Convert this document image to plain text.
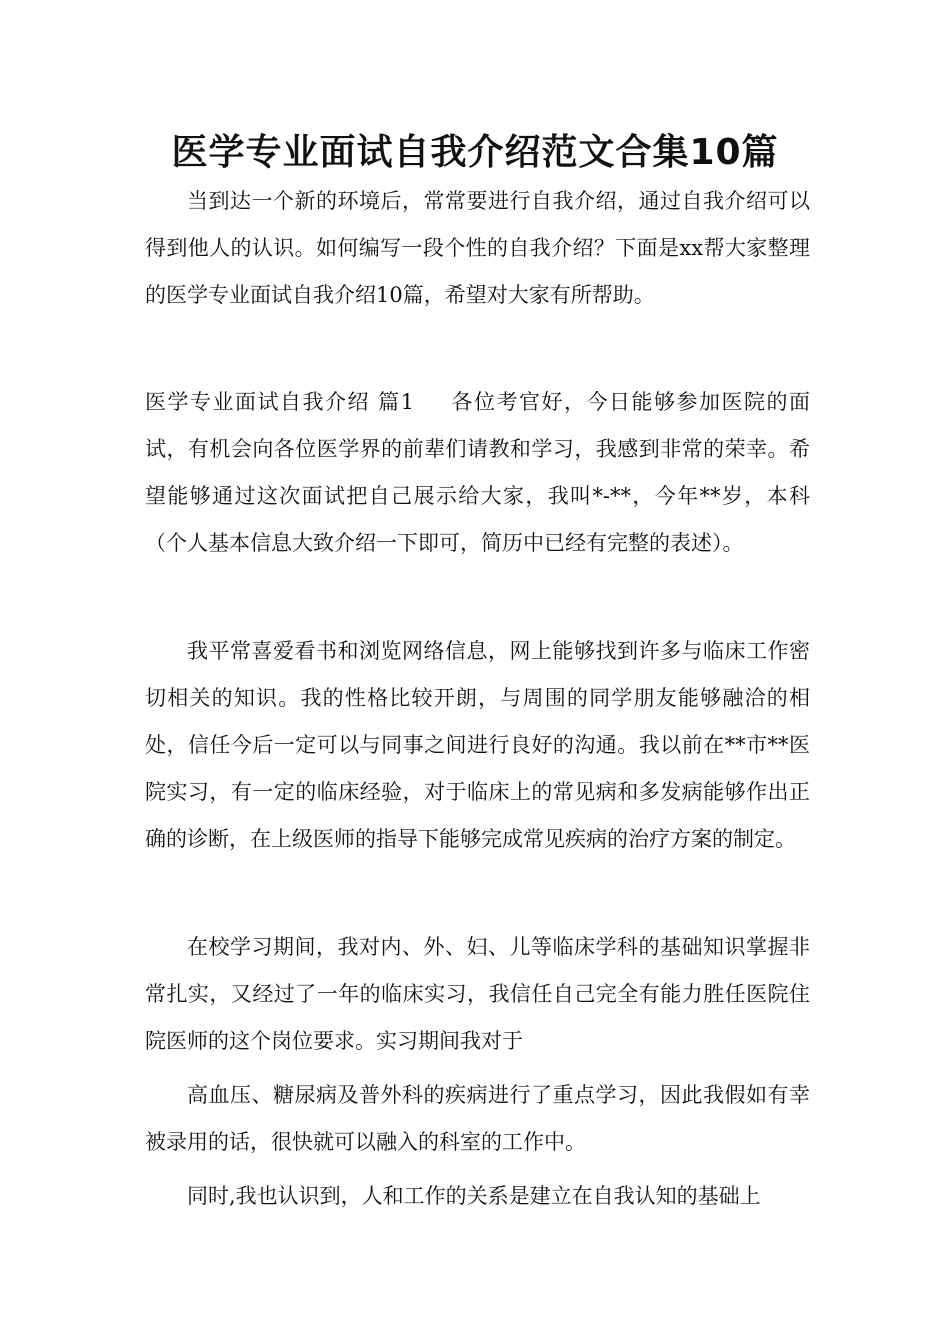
医学专业面试自我介绍范文合集10篇

当到达一个新的环境后，常常要进行自我介绍，通过自我介绍可以得到他人的认识。如何编写一段个性的自我介绍？下面是xx帮大家整理的医学专业面试自我介绍10篇，希望对大家有所帮助。

医学专业面试自我介绍 篇1 各位考官好，今日能够参加医院的面试，有机会向各位医学界的前辈们请教和学习，我感到非常的荣幸。希望能够通过这次面试把自己展示给大家，我叫*-**，今年**岁，本科（个人基本信息大致介绍一下即可，简历中已经有完整的表述）。

我平常喜爱看书和浏览网络信息，网上能够找到许多与临床工作密切相关的知识。我的性格比较开朗，与周围的同学朋友能够融洽的相处，信任今后一定可以与同事之间进行良好的沟通。我以前在**市**医院实习，有一定的临床经验，对于临床上的常见病和多发病能够作出正确的诊断，在上级医师的指导下能够完成常见疾病的治疗方案的制定。

在校学习期间，我对内、外、妇、儿等临床学科的基础知识掌握非常扎实，又经过了一年的临床实习，我信任自己完全有能力胜任医院住院医师的这个岗位要求。实习期间我对于

高血压、糖尿病及普外科的疾病进行了重点学习，因此我假如有幸被录用的话，很快就可以融入的科室的工作中。

同时,我也认识到，人和工作的关系是建立在自我认知的基础上
